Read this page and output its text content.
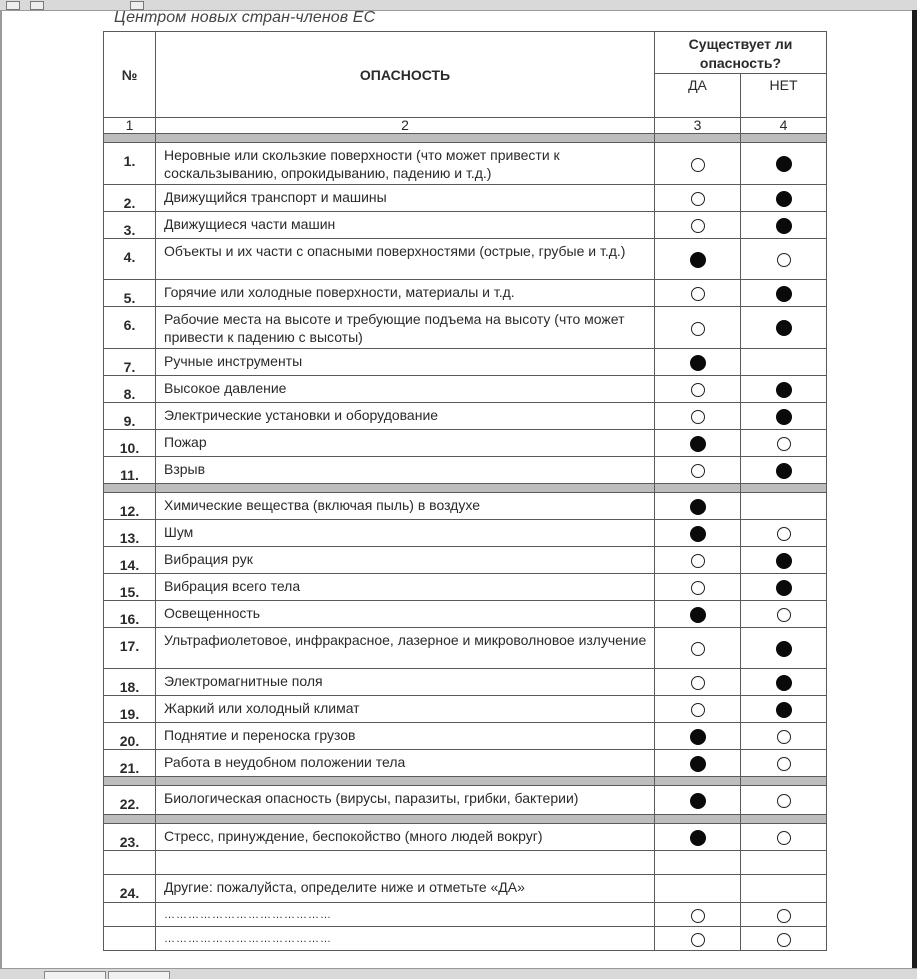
Центром новых стран-членов ЕС
№	ОПАСНОСТЬ	Существует ли опасность?	
		ДА	НЕТ
1	2	3	4

1.	Неровные или скользкие поверхности (что может привести к соскальзыванию, опрокидыванию, падению и т.д.)		
2.	Движущийся транспорт и машины		
3.	Движущиеся части машин		
4.	Объекты и их части с опасными поверхностями (острые, грубые и т.д.)		
5.	Горячие или холодные поверхности, материалы и т.д.		
6.	Рабочие места на высоте и требующие подъема на высоту (что может привести к падению с высоты)		
7.	Ручные инструменты		
8.	Высокое давление		
9.	Электрические установки и оборудование		
10.	Пожар		
11.	Взрыв		

12.	Химические вещества (включая пыль) в воздухе		
13.	Шум		
14.	Вибрация рук		
15.	Вибрация всего тела		
16.	Освещенность		
17.	Ультрафиолетовое, инфракрасное, лазерное и микроволновое излучение		
18.	Электромагнитные поля		
19.	Жаркий или холодный климат		
20.	Поднятие и переноска грузов		
21.	Работа в неудобном положении тела		

22.	Биологическая опасность (вирусы, паразиты, грибки, бактерии)		

23.	Стресс, принуждение, беспокойство (много людей вокруг)		

24.	Другие: пожалуйста, определите ниже и отметьте «ДА»		
	……………………………………		
	……………………………………		
